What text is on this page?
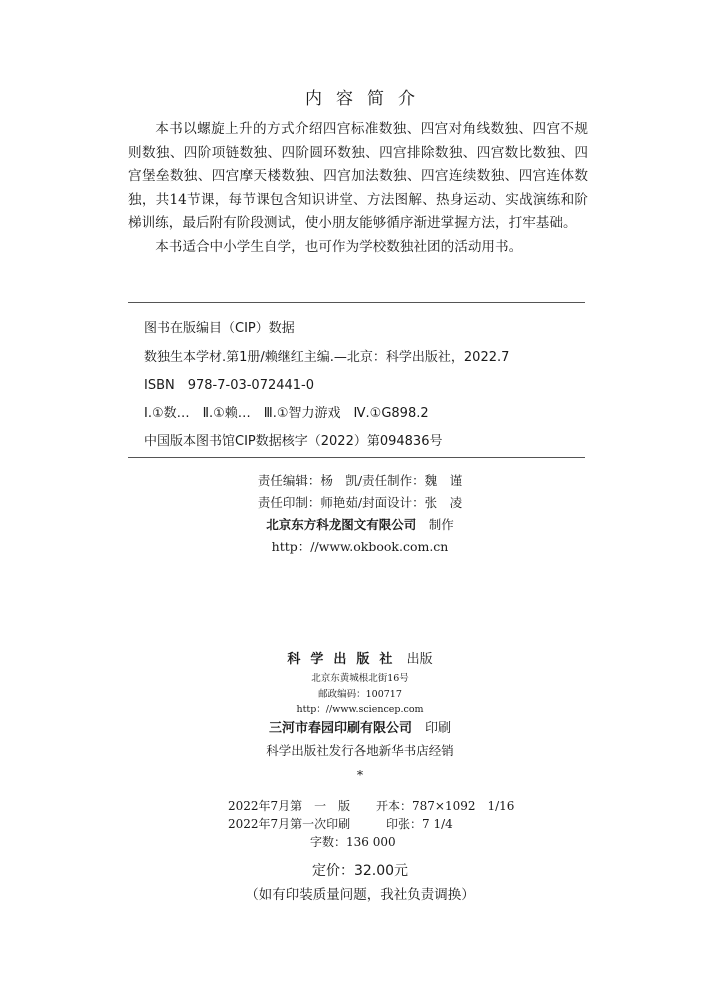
内容简介

本书以螺旋上升的方式介绍四宫标准数独、四宫对角线数独、四宫不规则数独、四阶项链数独、四阶圆环数独、四宫排除数独、四宫数比数独、四宫堡垒数独、四宫摩天楼数独、四宫加法数独、四宫连续数独、四宫连体数独，共14节课，每节课包含知识讲堂、方法图解、热身运动、实战演练和阶梯训练，最后附有阶段测试，使小朋友能够循序渐进掌握方法，打牢基础。

本书适合中小学生自学，也可作为学校数独社团的活动用书。

图书在版编目（CIP）数据
数独生本学材.第1册/赖继红主编.—北京：科学出版社，2022.7
ISBN　978-7-03-072441-0
Ⅰ.①数…　Ⅱ.①赖…　Ⅲ.①智力游戏　Ⅳ.①G898.2
中国版本图书馆CIP数据核字（2022）第094836号
责任编辑：杨　凯/责任制作：魏　谨
责任印制：师艳茹/封面设计：张　凌
北京东方科龙图文有限公司　 制作
http：//www.okbook.com.cn
科学出版社 出版
北京东黄城根北街16号
邮政编码：100717
http：//www.sciencep.com
三河市春园印刷有限公司　 印刷
科学出版社发行各地新华书店经销
*
2022年7月第　一　版 开本：787×1092　1/16
2022年7月第一次印刷	印张：7 1/4
字数：136 000
定价：32.00元
（如有印装质量问题，我社负责调换）
